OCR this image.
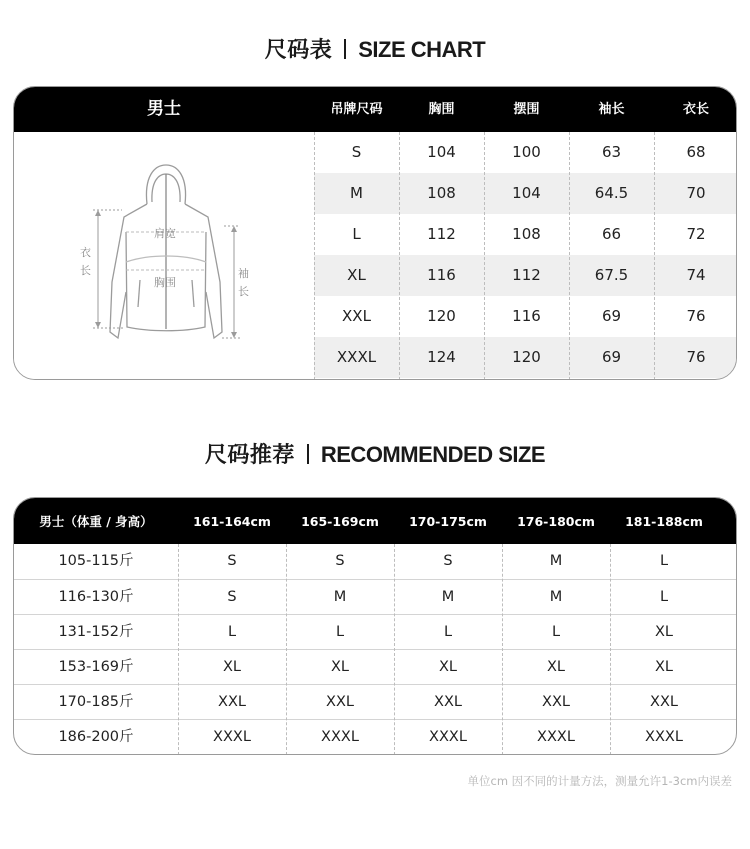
尺码表 SIZE CHART
男士	吊牌尺码	胸围	摆围	袖长	衣长
肩宽
胸围
衣
长	袖
长
S	104	100	63	68
M	108	104	64.5	70
L	112	108	66	72
XL	116	112	67.5	74
XXL	120	116	69	76
XXXL	124	120	69	76
尺码推荐 RECOMMENDED SIZE
男士（体重 / 身高）	161-164cm	165-169cm	170-175cm	176-180cm	181-188cm
105-115斤	S	S	S	M	L
116-130斤	S	M	M	M	L
131-152斤	L	L	L	L	XL
153-169斤	XL	XL	XL	XL	XL
170-185斤	XXL	XXL	XXL	XXL	XXL
186-200斤	XXXL	XXXL	XXXL	XXXL	XXXL
单位cm 因不同的计量方法，测量允许1-3cm内误差
